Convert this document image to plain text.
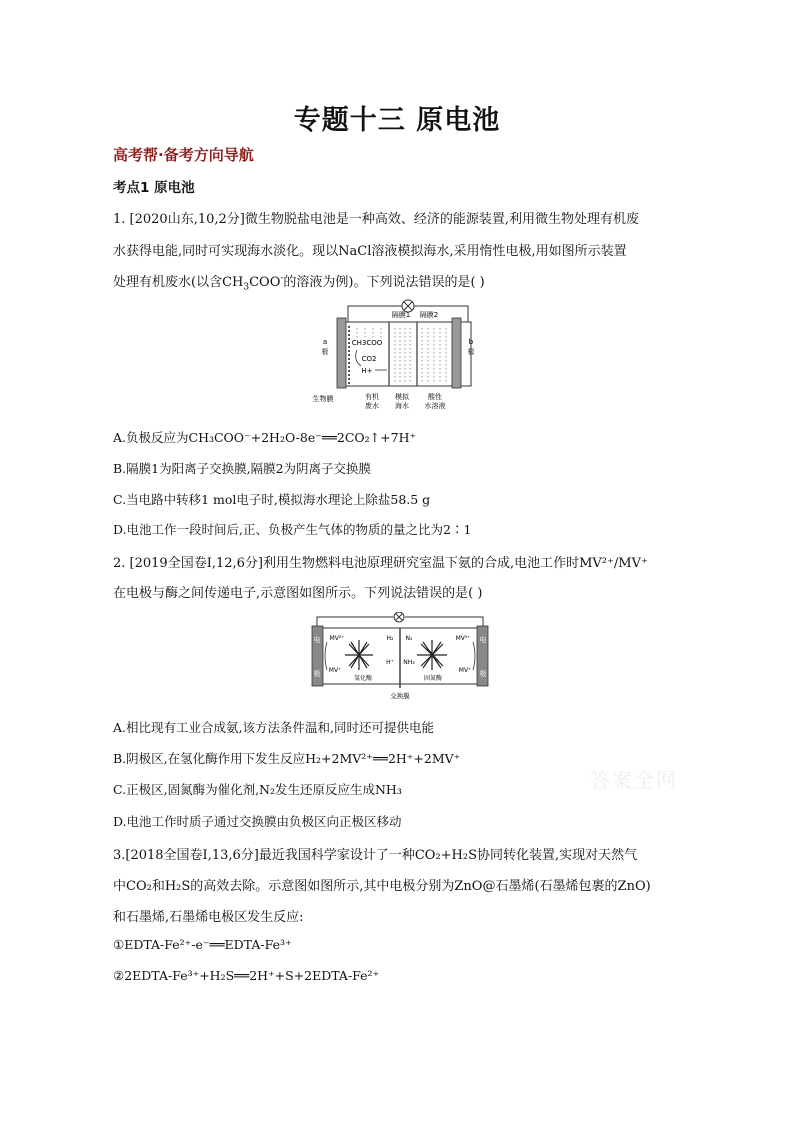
专题十三 原电池
高考帮·备考方向导航
考点1 原电池
1. [2020山东,10,2分]微生物脱盐电池是一种高效、经济的能源装置,利用微生物处理有机废
水获得电能,同时可实现海水淡化。现以NaCl溶液模拟海水,采用惰性电极,用如图所示装置
处理有机废水(以含$CH_3COO^-$的溶液为例)。下列说法错误的是( )
隔膜1 隔膜2
a
极
b
极
CH3COO
CO2
H+
生物膜	有机
废水
模拟
海水
酸性
水溶液
A.负极反应为CH₃COO⁻+2H₂O-8e⁻══2CO₂↑+7H⁺
B.隔膜1为阳离子交换膜,隔膜2为阴离子交换膜
C.当电路中转移1 mol电子时,模拟海水理论上除盐58.5 g
D.电池工作一段时间后,正、负极产生气体的物质的量之比为2∶1
2. [2019全国卷Ⅰ,12,6分]利用生物燃料电池原理研究室温下氨的合成,电池工作时MV²⁺/MV⁺
在电极与酶之间传递电子,示意图如图所示。下列说法错误的是( )
电
极
电
极
MV²⁺
MV⁺
H₂
H⁺
N₂
NH₃
MV²⁺
MV⁺
氢化酶	固氮酶
交换膜
A.相比现有工业合成氨,该方法条件温和,同时还可提供电能
B.阴极区,在氢化酶作用下发生反应H₂+2MV²⁺══2H⁺+2MV⁺
C.正极区,固氮酶为催化剂,N₂发生还原反应生成NH₃
D.电池工作时质子通过交换膜由负极区向正极区移动
答案全网
3.[2018全国卷Ⅰ,13,6分]最近我国科学家设计了一种CO₂+H₂S协同转化装置,实现对天然气
中CO₂和H₂S的高效去除。示意图如图所示,其中电极分别为ZnO@石墨烯(石墨烯包裹的ZnO)
和石墨烯,石墨烯电极区发生反应:
①EDTA-Fe²⁺-e⁻══EDTA-Fe³⁺
②2EDTA-Fe³⁺+H₂S══2H⁺+S+2EDTA-Fe²⁺
